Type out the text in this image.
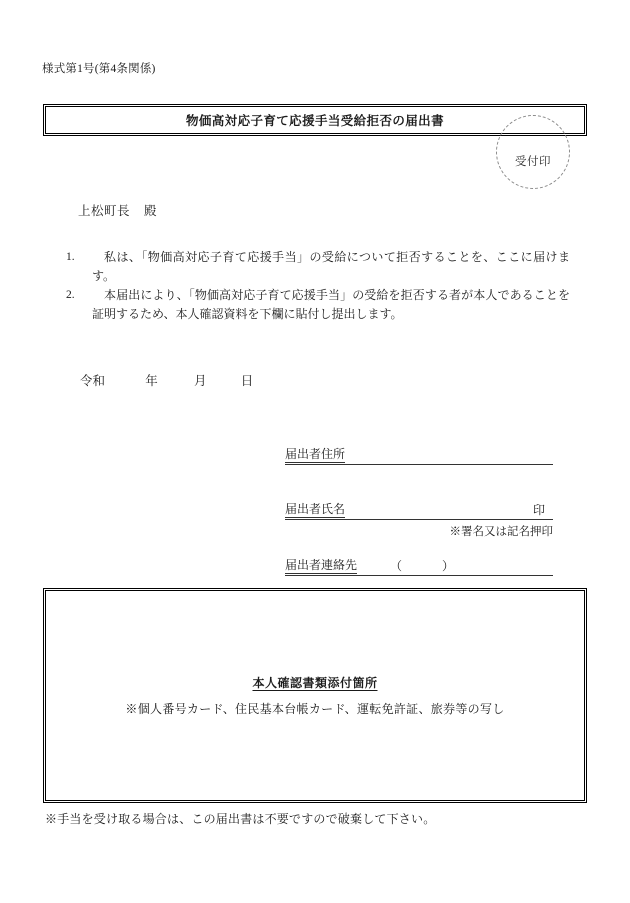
様式第1号(第4条関係)
物価高対応子育て応援手当受給拒否の届出書
受付印
上松町長 殿
1.	私は、「物価高対応子育て応援手当」の受給について拒否することを、ここに届けます。
2.	本届出により、「物価高対応子育て応援手当」の受給を拒否する者が本人であることを証明するため、本人確認資料を下欄に貼付し提出します。
令和	年	月	日
届出者住所
届出者氏名	印
※署名又は記名押印
届出者連絡先	（　　　）
本人確認書類添付箇所
※個人番号カード、住民基本台帳カード、運転免許証、旅券等の写し
※手当を受け取る場合は、この届出書は不要ですので破棄して下さい。
